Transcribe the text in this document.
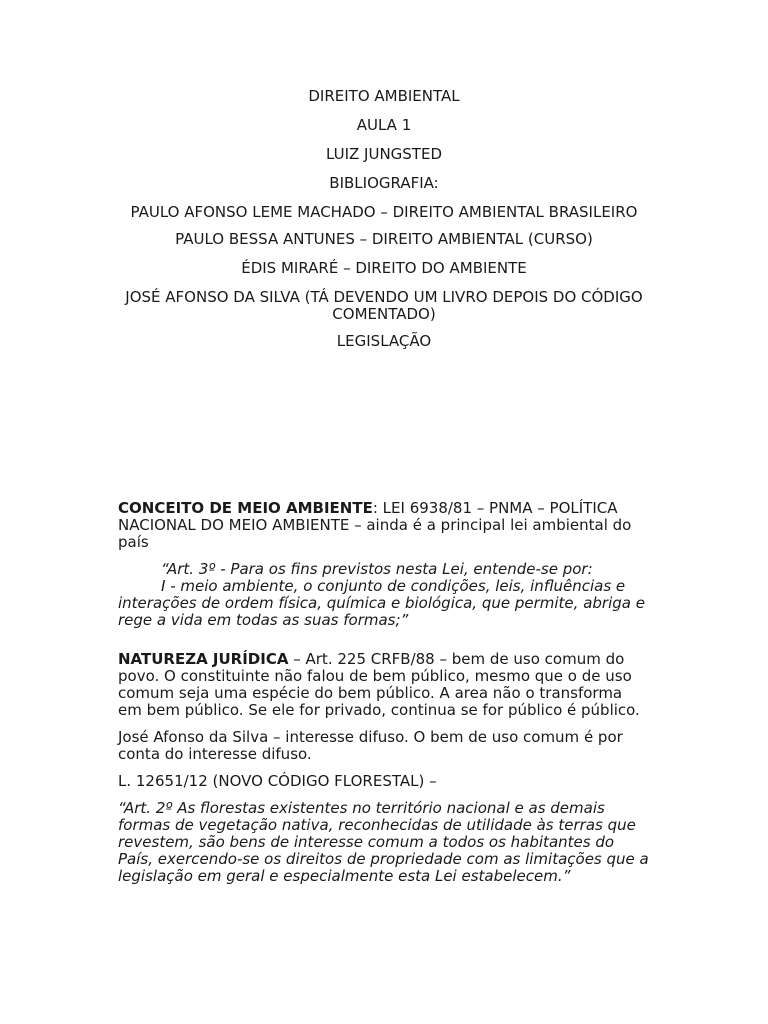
DIREITO AMBIENTAL

AULA 1

LUIZ JUNGSTED

BIBLIOGRAFIA:

PAULO AFONSO LEME MACHADO – DIREITO AMBIENTAL BRASILEIRO

PAULO BESSA ANTUNES – DIREITO AMBIENTAL (CURSO)

ÉDIS MIRARÉ – DIREITO DO AMBIENTE

JOSÉ AFONSO DA SILVA (TÁ DEVENDO UM LIVRO DEPOIS DO CÓDIGO COMENTADO)

LEGISLAÇÃO

CONCEITO DE MEIO AMBIENTE: LEI 6938/81 – PNMA – POLÍTICA NACIONAL DO MEIO AMBIENTE – ainda é a principal lei ambiental do país

“Art. 3º - Para os fins previstos nesta Lei, entende-se por:
I - meio ambiente, o conjunto de condições, leis, influências e
interações de ordem física, química e biológica, que permite, abriga e rege a vida em todas as suas formas;”

NATUREZA JURÍDICA – Art. 225 CRFB/88 – bem de uso comum do povo. O constituinte não falou de bem público, mesmo que o de uso comum seja uma espécie do bem público. A area não o transforma em bem público. Se ele for privado, continua se for público é público.

José Afonso da Silva – interesse difuso. O bem de uso comum é por conta do interesse difuso.

L. 12651/12 (NOVO CÓDIGO FLORESTAL) –

“Art. 2º As florestas existentes no território nacional e as demais formas de vegetação nativa, reconhecidas de utilidade às terras que revestem, são bens de interesse comum a todos os habitantes do País, exercendo-se os direitos de propriedade com as limitações que a legislação em geral e especialmente esta Lei estabelecem.”
